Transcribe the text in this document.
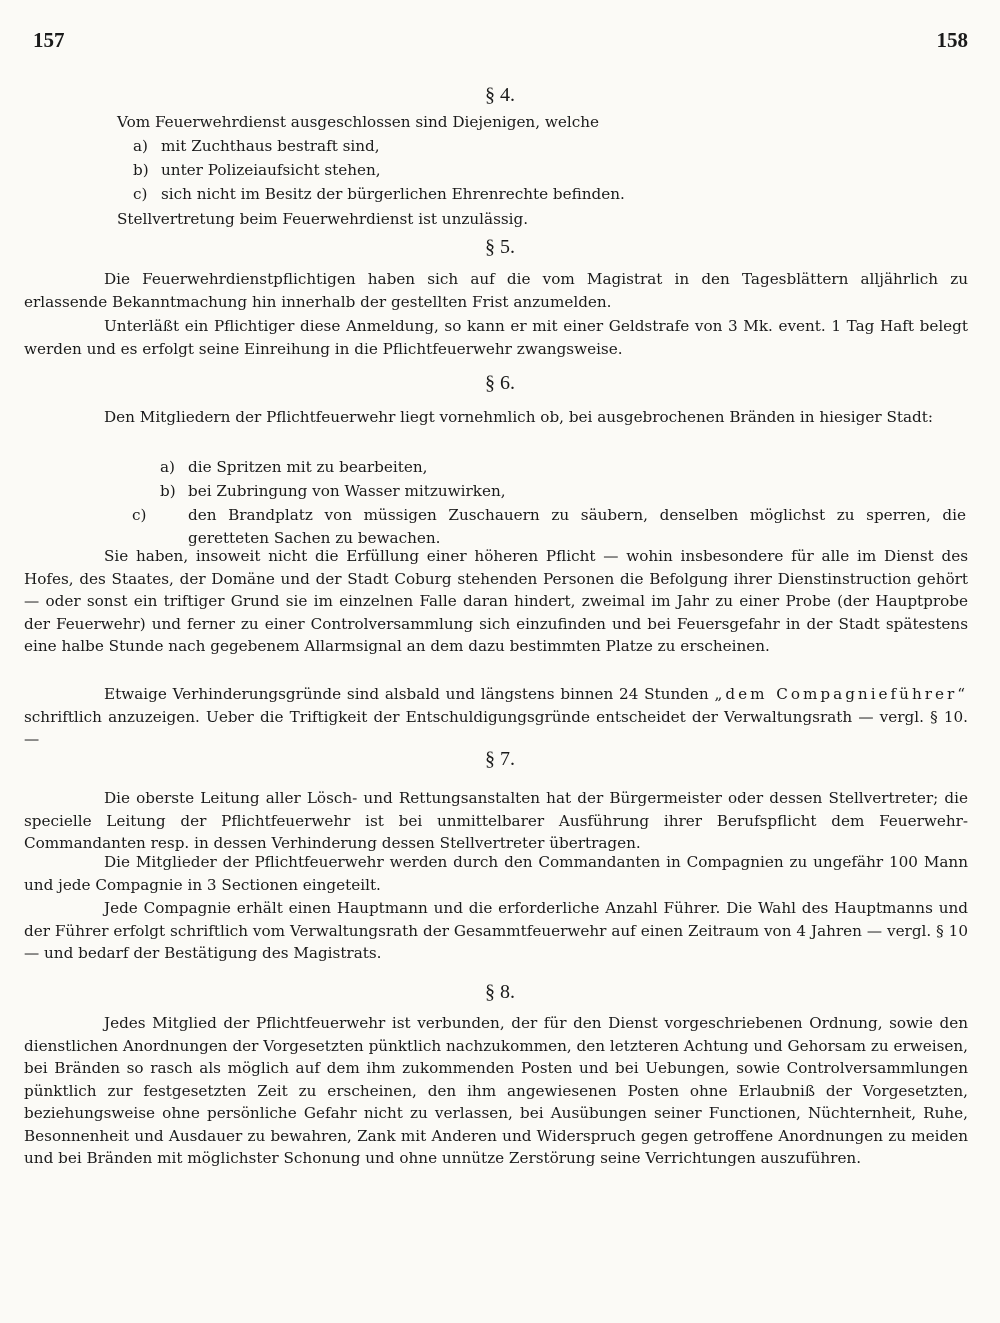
157	158
§ 4.

Vom Feuerwehrdienst ausgeschlossen sind Diejenigen, welche

a) mit Zuchthaus bestraft sind,
b) unter Polizeiaufsicht stehen,
c) sich nicht im Besitz der bürgerlichen Ehrenrechte befinden.

Stellvertretung beim Feuerwehrdienst ist unzulässig.

§ 5.

Die Feuerwehrdienstpflichtigen haben sich auf die vom Magistrat in den Tagesblättern alljährlich zu erlassende Bekanntmachung hin innerhalb der gestellten Frist anzumelden.

Unterläßt ein Pflichtiger diese Anmeldung, so kann er mit einer Geldstrafe von 3 Mk. event. 1 Tag Haft belegt werden und es erfolgt seine Einreihung in die Pflichtfeuerwehr zwangsweise.

§ 6.

Den Mitgliedern der Pflichtfeuerwehr liegt vornehmlich ob, bei ausgebrochenen Bränden in hiesiger Stadt:

a) die Spritzen mit zu bearbeiten,
b) bei Zubringung von Wasser mitzuwirken,
c)	den Brandplatz von müssigen Zuschauern zu säubern, denselben möglichst zu sperren, die geretteten Sachen zu bewachen.

Sie haben, insoweit nicht die Erfüllung einer höheren Pflicht — wohin insbesondere für alle im Dienst des Hofes, des Staates, der Domäne und der Stadt Coburg stehenden Personen die Befolgung ihrer Dienstinstruction gehört — oder sonst ein triftiger Grund sie im einzelnen Falle daran hindert, zweimal im Jahr zu einer Probe (der Hauptprobe der Feuerwehr) und ferner zu einer Controlversammlung sich einzufinden und bei Feuersgefahr in der Stadt spätestens eine halbe Stunde nach gegebenem Allarmsignal an dem dazu bestimmten Platze zu erscheinen.

Etwaige Verhinderungsgründe sind alsbald und längstens binnen 24 Stunden „dem Compagnieführer“ schriftlich anzuzeigen. Ueber die Triftigkeit der Entschuldigungsgründe entscheidet der Verwaltungsrath — vergl. § 10. —

§ 7.

Die oberste Leitung aller Lösch- und Rettungsanstalten hat der Bürgermeister oder dessen Stellvertreter; die specielle Leitung der Pflichtfeuerwehr ist bei unmittelbarer Ausführung ihrer Berufspflicht dem Feuerwehr-Commandanten resp. in dessen Verhinderung dessen Stellvertreter übertragen.

Die Mitglieder der Pflichtfeuerwehr werden durch den Commandanten in Compagnien zu ungefähr 100 Mann und jede Compagnie in 3 Sectionen eingeteilt.

Jede Compagnie erhält einen Hauptmann und die erforderliche Anzahl Führer. Die Wahl des Hauptmanns und der Führer erfolgt schriftlich vom Verwaltungsrath der Gesammtfeuerwehr auf einen Zeitraum von 4 Jahren — vergl. § 10 — und bedarf der Bestätigung des Magistrats.

§ 8.

Jedes Mitglied der Pflichtfeuerwehr ist verbunden, der für den Dienst vorgeschriebenen Ordnung, sowie den dienstlichen Anordnungen der Vorgesetzten pünktlich nachzukommen, den letzteren Achtung und Gehorsam zu erweisen, bei Bränden so rasch als möglich auf dem ihm zukommenden Posten und bei Uebungen, sowie Controlversammlungen pünktlich zur festgesetzten Zeit zu erscheinen, den ihm angewiesenen Posten ohne Erlaubniß der Vorgesetzten, beziehungsweise ohne persönliche Gefahr nicht zu verlassen, bei Ausübungen seiner Functionen, Nüchternheit, Ruhe, Besonnenheit und Ausdauer zu bewahren, Zank mit Anderen und Widerspruch gegen getroffene Anordnungen zu meiden und bei Bränden mit möglichster Schonung und ohne unnütze Zerstörung seine Verrichtungen auszuführen.
